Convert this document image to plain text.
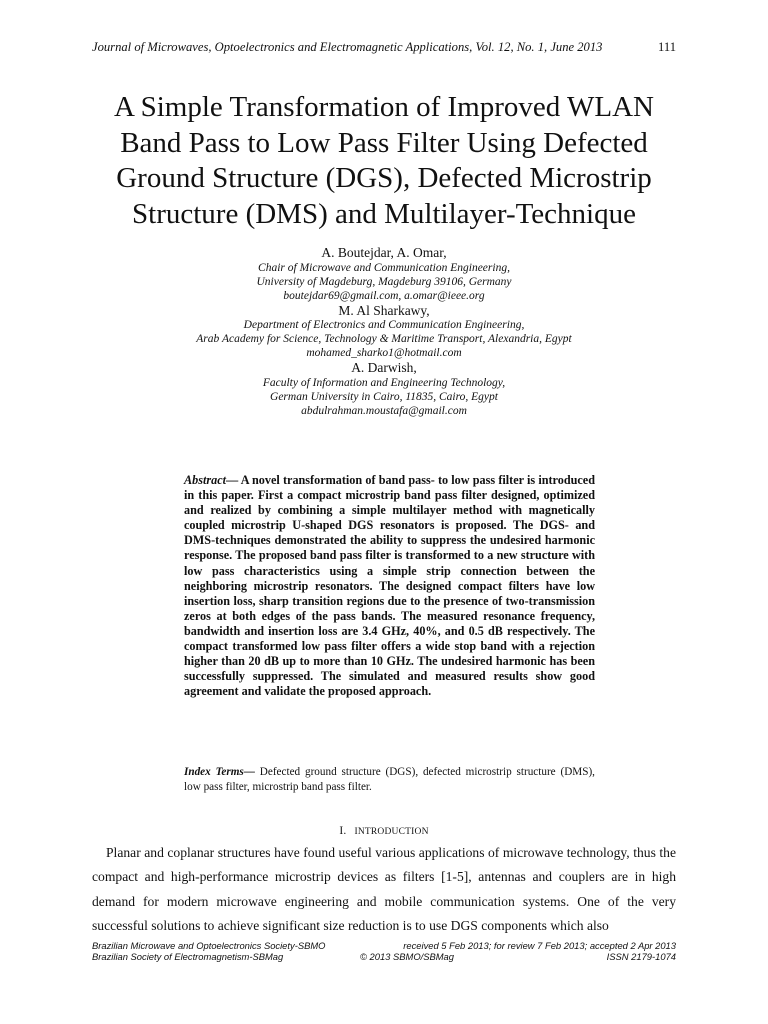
Journal of Microwaves, Optoelectronics and Electromagnetic Applications, Vol. 12, No. 1, June 2013	111
A Simple Transformation of Improved WLAN
Band Pass to Low Pass Filter Using Defected
Ground Structure (DGS), Defected Microstrip
Structure (DMS) and Multilayer-Technique
A. Boutejdar, A. Omar,
Chair of Microwave and Communication Engineering,
University of Magdeburg, Magdeburg 39106, Germany
boutejdar69@gmail.com, a.omar@ieee.org
M. Al Sharkawy,
Department of Electronics and Communication Engineering,
Arab Academy for Science, Technology & Maritime Transport, Alexandria, Egypt
mohamed_sharko1@hotmail.com
A. Darwish,
Faculty of Information and Engineering Technology,
German University in Cairo, 11835, Cairo, Egypt
abdulrahman.moustafa@gmail.com
Abstract— A novel transformation of band pass- to low pass filter is introduced in this paper. First a compact microstrip band pass filter designed, optimized and realized by combining a simple multilayer method with magnetically coupled microstrip U-shaped DGS resonators is proposed. The DGS- and DMS-techniques demonstrated the ability to suppress the undesired harmonic response. The proposed band pass filter is transformed to a new structure with low pass characteristics using a simple strip connection between the neighboring microstrip resonators. The designed compact filters have low insertion loss, sharp transition regions due to the presence of two-transmission zeros at both edges of the pass bands. The measured resonance frequency, bandwidth and insertion loss are 3.4 GHz, 40%, and 0.5 dB respectively. The compact transformed low pass filter offers a wide stop band with a rejection higher than 20 dB up to more than 10 GHz. The undesired harmonic has been successfully suppressed. The simulated and measured results show good agreement and validate the proposed approach.
Index Terms— Defected ground structure (DGS), defected microstrip structure (DMS), low pass filter, microstrip band pass filter.
I. INTRODUCTION

Planar and coplanar structures have found useful various applications of microwave technology, thus the compact and high-performance microstrip devices as filters [1-5], antennas and couplers are in high demand for modern microwave engineering and mobile communication systems. One of the very successful solutions to achieve significant size reduction is to use DGS components which also

Brazilian Microwave and Optoelectronics Society-SBMO	received 5 Feb 2013; for review 7 Feb 2013; accepted 2 Apr 2013
Brazilian Society of Electromagnetism-SBMag	© 2013 SBMO/SBMag	ISSN 2179-1074
